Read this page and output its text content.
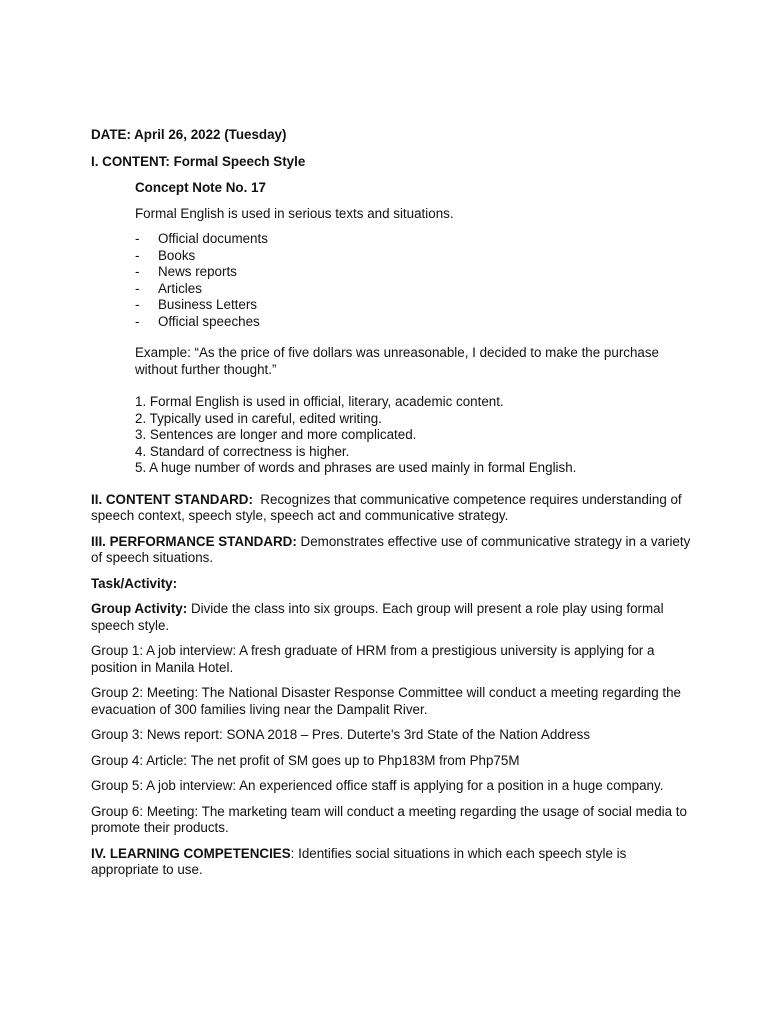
DATE: April 26, 2022 (Tuesday)

I. CONTENT: Formal Speech Style

Concept Note No. 17

Formal English is used in serious texts and situations.

- Official documents
- Books
- News reports
- Articles
- Business Letters
- Official speeches

Example: “As the price of five dollars was unreasonable, I decided to make the purchase without further thought.”

1. Formal English is used in official, literary, academic content.

2. Typically used in careful, edited writing.

3. Sentences are longer and more complicated.

4. Standard of correctness is higher.

5. A huge number of words and phrases are used mainly in formal English.

II. CONTENT STANDARD:  Recognizes that communicative competence requires understanding of speech context, speech style, speech act and communicative strategy.

III. PERFORMANCE STANDARD: Demonstrates effective use of communicative strategy in a variety of speech situations.

Task/Activity:

Group Activity: Divide the class into six groups. Each group will present a role play using formal speech style.

Group 1: A job interview: A fresh graduate of HRM from a prestigious university is applying for a position in Manila Hotel.

Group 2: Meeting: The National Disaster Response Committee will conduct a meeting regarding the evacuation of 300 families living near the Dampalit River.

Group 3: News report: SONA 2018 – Pres. Duterte's 3rd State of the Nation Address

Group 4: Article: The net profit of SM goes up to Php183M from Php75M

Group 5: A job interview: An experienced office staff is applying for a position in a huge company.

Group 6: Meeting: The marketing team will conduct a meeting regarding the usage of social media to promote their products.

IV. LEARNING COMPETENCIES: Identifies social situations in which each speech style is appropriate to use.
